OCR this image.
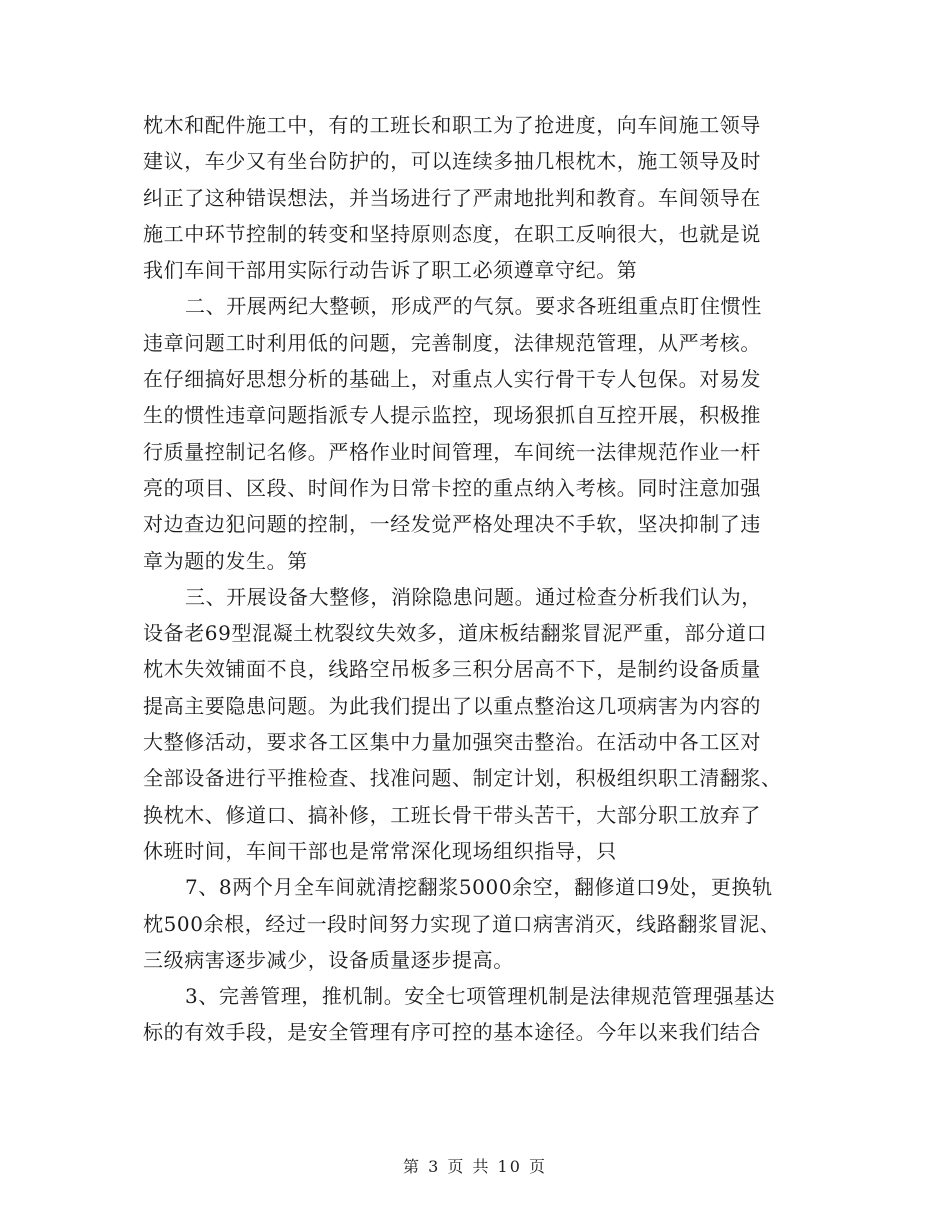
枕木和配件施工中，有的工班长和职工为了抢进度，向车间施工领导
建议，车少又有坐台防护的，可以连续多抽几根枕木，施工领导及时
纠正了这种错误想法，并当场进行了严肃地批判和教育。车间领导在
施工中环节控制的转变和坚持原则态度，在职工反响很大，也就是说
我们车间干部用实际行动告诉了职工必须遵章守纪。第
二、开展两纪大整顿，形成严的气氛。要求各班组重点盯住惯性
违章问题工时利用低的问题，完善制度，法律规范管理，从严考核。
在仔细搞好思想分析的基础上，对重点人实行骨干专人包保。对易发
生的惯性违章问题指派专人提示监控，现场狠抓自互控开展，积极推
行质量控制记名修。严格作业时间管理，车间统一法律规范作业一杆
亮的项目、区段、时间作为日常卡控的重点纳入考核。同时注意加强
对边查边犯问题的控制，一经发觉严格处理决不手软，坚决抑制了违
章为题的发生。第
三、开展设备大整修，消除隐患问题。通过检查分析我们认为，
设备老69型混凝土枕裂纹失效多，道床板结翻浆冒泥严重，部分道口
枕木失效铺面不良，线路空吊板多三积分居高不下，是制约设备质量
提高主要隐患问题。为此我们提出了以重点整治这几项病害为内容的
大整修活动，要求各工区集中力量加强突击整治。在活动中各工区对
全部设备进行平推检查、找准问题、制定计划，积极组织职工清翻浆、
换枕木、修道口、搞补修，工班长骨干带头苦干，大部分职工放弃了
休班时间，车间干部也是常常深化现场组织指导，只
7、8两个月全车间就清挖翻浆5000余空，翻修道口9处，更换轨
枕500余根，经过一段时间努力实现了道口病害消灭，线路翻浆冒泥、
三级病害逐步减少，设备质量逐步提高。
3、完善管理，推机制。安全七项管理机制是法律规范管理强基达
标的有效手段，是安全管理有序可控的基本途径。今年以来我们结合
第 3 页 共 10 页
